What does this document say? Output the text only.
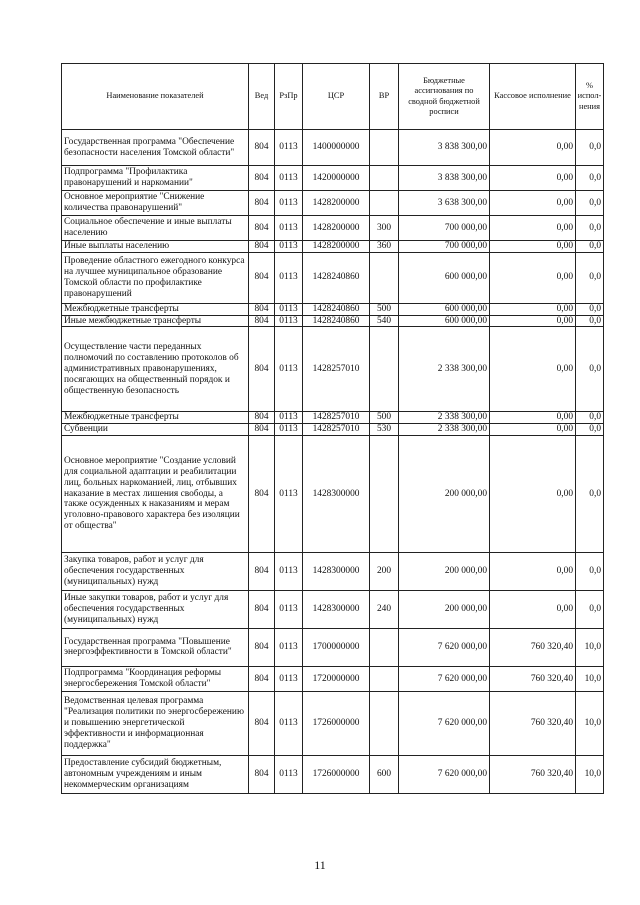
Наименование показателей	Вед	РзПр	ЦСР	ВР	Бюджетные ассигнования по сводной бюджетной росписи	Кассовое исполнение	% испол-нения
Государственная программа "Обеспечение безопасности населения Томской области"	804	0113	1400000000		3 838 300,00	0,00	0,0
Подпрограмма "Профилактика правонарушений и наркомании"	804	0113	1420000000		3 838 300,00	0,00	0,0
Основное мероприятие "Снижение количества правонарушений"	804	0113	1428200000		3 638 300,00	0,00	0,0
Социальное обеспечение и иные выплаты населению	804	0113	1428200000	300	700 000,00	0,00	0,0
Иные выплаты населению	804	0113	1428200000	360	700 000,00	0,00	0,0
Проведение областного ежегодного конкурса на лучшее муниципальное образование Томской области по профилактике правонарушений	804	0113	1428240860		600 000,00	0,00	0,0
Межбюджетные трансферты	804	0113	1428240860	500	600 000,00	0,00	0,0
Иные межбюджетные трансферты	804	0113	1428240860	540	600 000,00	0,00	0,0
Осуществление части переданных полномочий по составлению протоколов об административных правонарушениях, посягающих на общественный порядок и общественную безопасность	804	0113	1428257010		2 338 300,00	0,00	0,0
Межбюджетные трансферты	804	0113	1428257010	500	2 338 300,00	0,00	0,0
Субвенции	804	0113	1428257010	530	2 338 300,00	0,00	0,0
Основное мероприятие "Создание условий для социальной адаптации и реабилитации лиц, больных наркоманией, лиц, отбывших наказание в местах лишения свободы, а также осужденных к наказаниям и мерам уголовно-правового характера без изоляции от общества"	804	0113	1428300000		200 000,00	0,00	0,0
Закупка товаров, работ и услуг для обеспечения государственных (муниципальных) нужд	804	0113	1428300000	200	200 000,00	0,00	0,0
Иные закупки товаров, работ и услуг для обеспечения государственных (муниципальных) нужд	804	0113	1428300000	240	200 000,00	0,00	0,0
Государственная программа "Повышение энергоэффективности в Томской области"	804	0113	1700000000		7 620 000,00	760 320,40	10,0
Подпрограмма "Координация реформы энергосбережения Томской области"	804	0113	1720000000		7 620 000,00	760 320,40	10,0
Ведомственная целевая программа "Реализация политики по энергосбережению и повышению энергетической эффективности и информационная поддержка"	804	0113	1726000000		7 620 000,00	760 320,40	10,0
Предоставление субсидий бюджетным, автономным учреждениям и иным некоммерческим организациям	804	0113	1726000000	600	7 620 000,00	760 320,40	10,0
11
